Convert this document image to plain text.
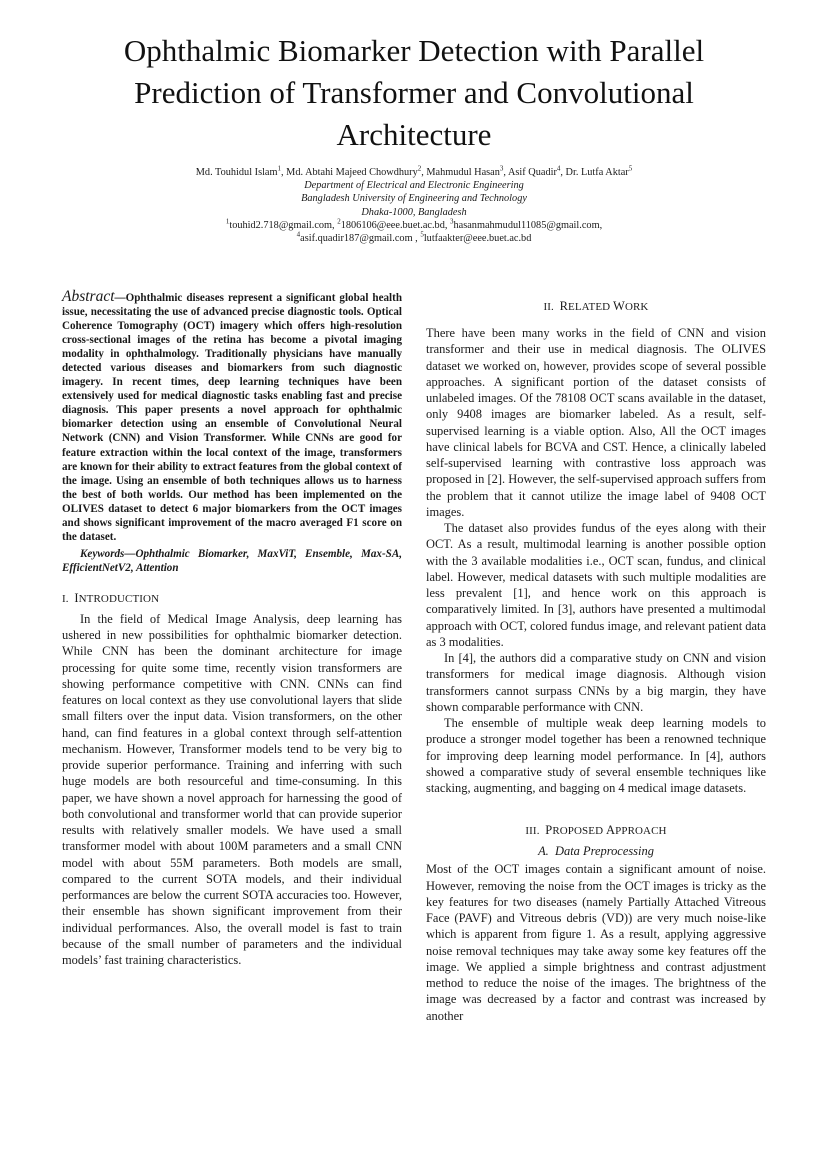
Ophthalmic Biomarker Detection with Parallel Prediction of Transformer and Convolutional Architecture

Md. Touhidul Islam$^1$, Md. Abtahi Majeed Chowdhury$^2$, Mahmudul Hasan$^3$, Asif Quadir$^4$, Dr. Lutfa Aktar$^5$

Department of Electrical and Electronic Engineering

Bangladesh University of Engineering and Technology

Dhaka-1000, Bangladesh

$^1$touhid2.718@gmail.com, $^2$1806106@eee.buet.ac.bd, $^3$hasanmahmudul11085@gmail.com,

$^4$asif.quadir187@gmail.com , $^5$lutfaakter@eee.buet.ac.bd

Abstract—Ophthalmic diseases represent a significant global health issue, necessitating the use of advanced precise diagnostic tools. Optical Coherence Tomography (OCT) imagery which offers high-resolution cross-sectional images of the retina has become a pivotal imaging modality in ophthalmology. Traditionally physicians have manually detected various diseases and biomarkers from such diagnostic imagery. In recent times, deep learning techniques have been extensively used for medical diagnostic tasks enabling fast and precise diagnosis. This paper presents a novel approach for ophthalmic biomarker detection using an ensemble of Convolutional Neural Network (CNN) and Vision Transformer. While CNNs are good for feature extraction within the local context of the image, transformers are known for their ability to extract features from the global context of the image. Using an ensemble of both techniques allows us to harness the best of both worlds. Our method has been implemented on the OLIVES dataset to detect 6 major biomarkers from the OCT images and shows significant improvement of the macro averaged F1 score on the dataset.

Keywords—Ophthalmic Biomarker, MaxViT, Ensemble, Max-SA, EfficientNetV2, Attention

I. INTRODUCTION

In the field of Medical Image Analysis, deep learning has ushered in new possibilities for ophthalmic biomarker detection. While CNN has been the dominant architecture for image processing for quite some time, recently vision transformers are showing performance competitive with CNN. CNNs can find features on local context as they use convolutional layers that slide small filters over the input data. Vision transformers, on the other hand, can find features in a global context through self-attention mechanism. However, Transformer models tend to be very big to provide superior performance. Training and inferring with such huge models are both resourceful and time-consuming. In this paper, we have shown a novel approach for harnessing the good of both convolutional and transformer world that can provide superior results with relatively smaller models. We have used a small transformer model with about 100M parameters and a small CNN model with about 55M parameters. Both models are small, compared to the current SOTA models, and their individual performances are below the current SOTA accuracies too. However, their ensemble has shown significant improvement from their individual performances. Also, the overall model is fast to train because of the small number of parameters and the individual models’ fast training characteristics.

II. RELATED WORK

There have been many works in the field of CNN and vision transformer and their use in medical diagnosis. The OLIVES dataset we worked on, however, provides scope of several possible approaches. A significant portion of the dataset consists of unlabeled images. Of the 78108 OCT scans available in the dataset, only 9408 images are biomarker labeled. As a result, self-supervised learning is a viable option. Also, All the OCT images have clinical labels for BCVA and CST. Hence, a clinically labeled self-supervised learning with contrastive loss approach was proposed in [2]. However, the self-supervised approach suffers from the problem that it cannot utilize the image label of 9408 OCT images.

The dataset also provides fundus of the eyes along with their OCT. As a result, multimodal learning is another possible option with the 3 available modalities i.e., OCT scan, fundus, and clinical label. However, medical datasets with such multiple modalities are less prevalent [1], and hence work on this approach is comparatively limited. In [3], authors have presented a multimodal approach with OCT, colored fundus image, and relevant patient data as 3 modalities.

In [4], the authors did a comparative study on CNN and vision transformers for medical image diagnosis. Although vision transformers cannot surpass CNNs by a big margin, they have shown comparable performance with CNN.

The ensemble of multiple weak deep learning models to produce a stronger model together has been a renowned technique for improving deep learning model performance. In [4], authors showed a comparative study of several ensemble techniques like stacking, augmenting, and bagging on 4 medical image datasets.

III. PROPOSED APPROACH
A. Data Preprocessing

Most of the OCT images contain a significant amount of noise. However, removing the noise from the OCT images is tricky as the key features for two diseases (namely Partially Attached Vitreous Face (PAVF) and Vitreous debris (VD)) are very much noise-like which is apparent from figure 1. As a result, applying aggressive noise removal techniques may take away some key features off the image. We applied a simple brightness and contrast adjustment method to reduce the noise of the images. The brightness of the image was decreased by a factor and contrast was increased by another
